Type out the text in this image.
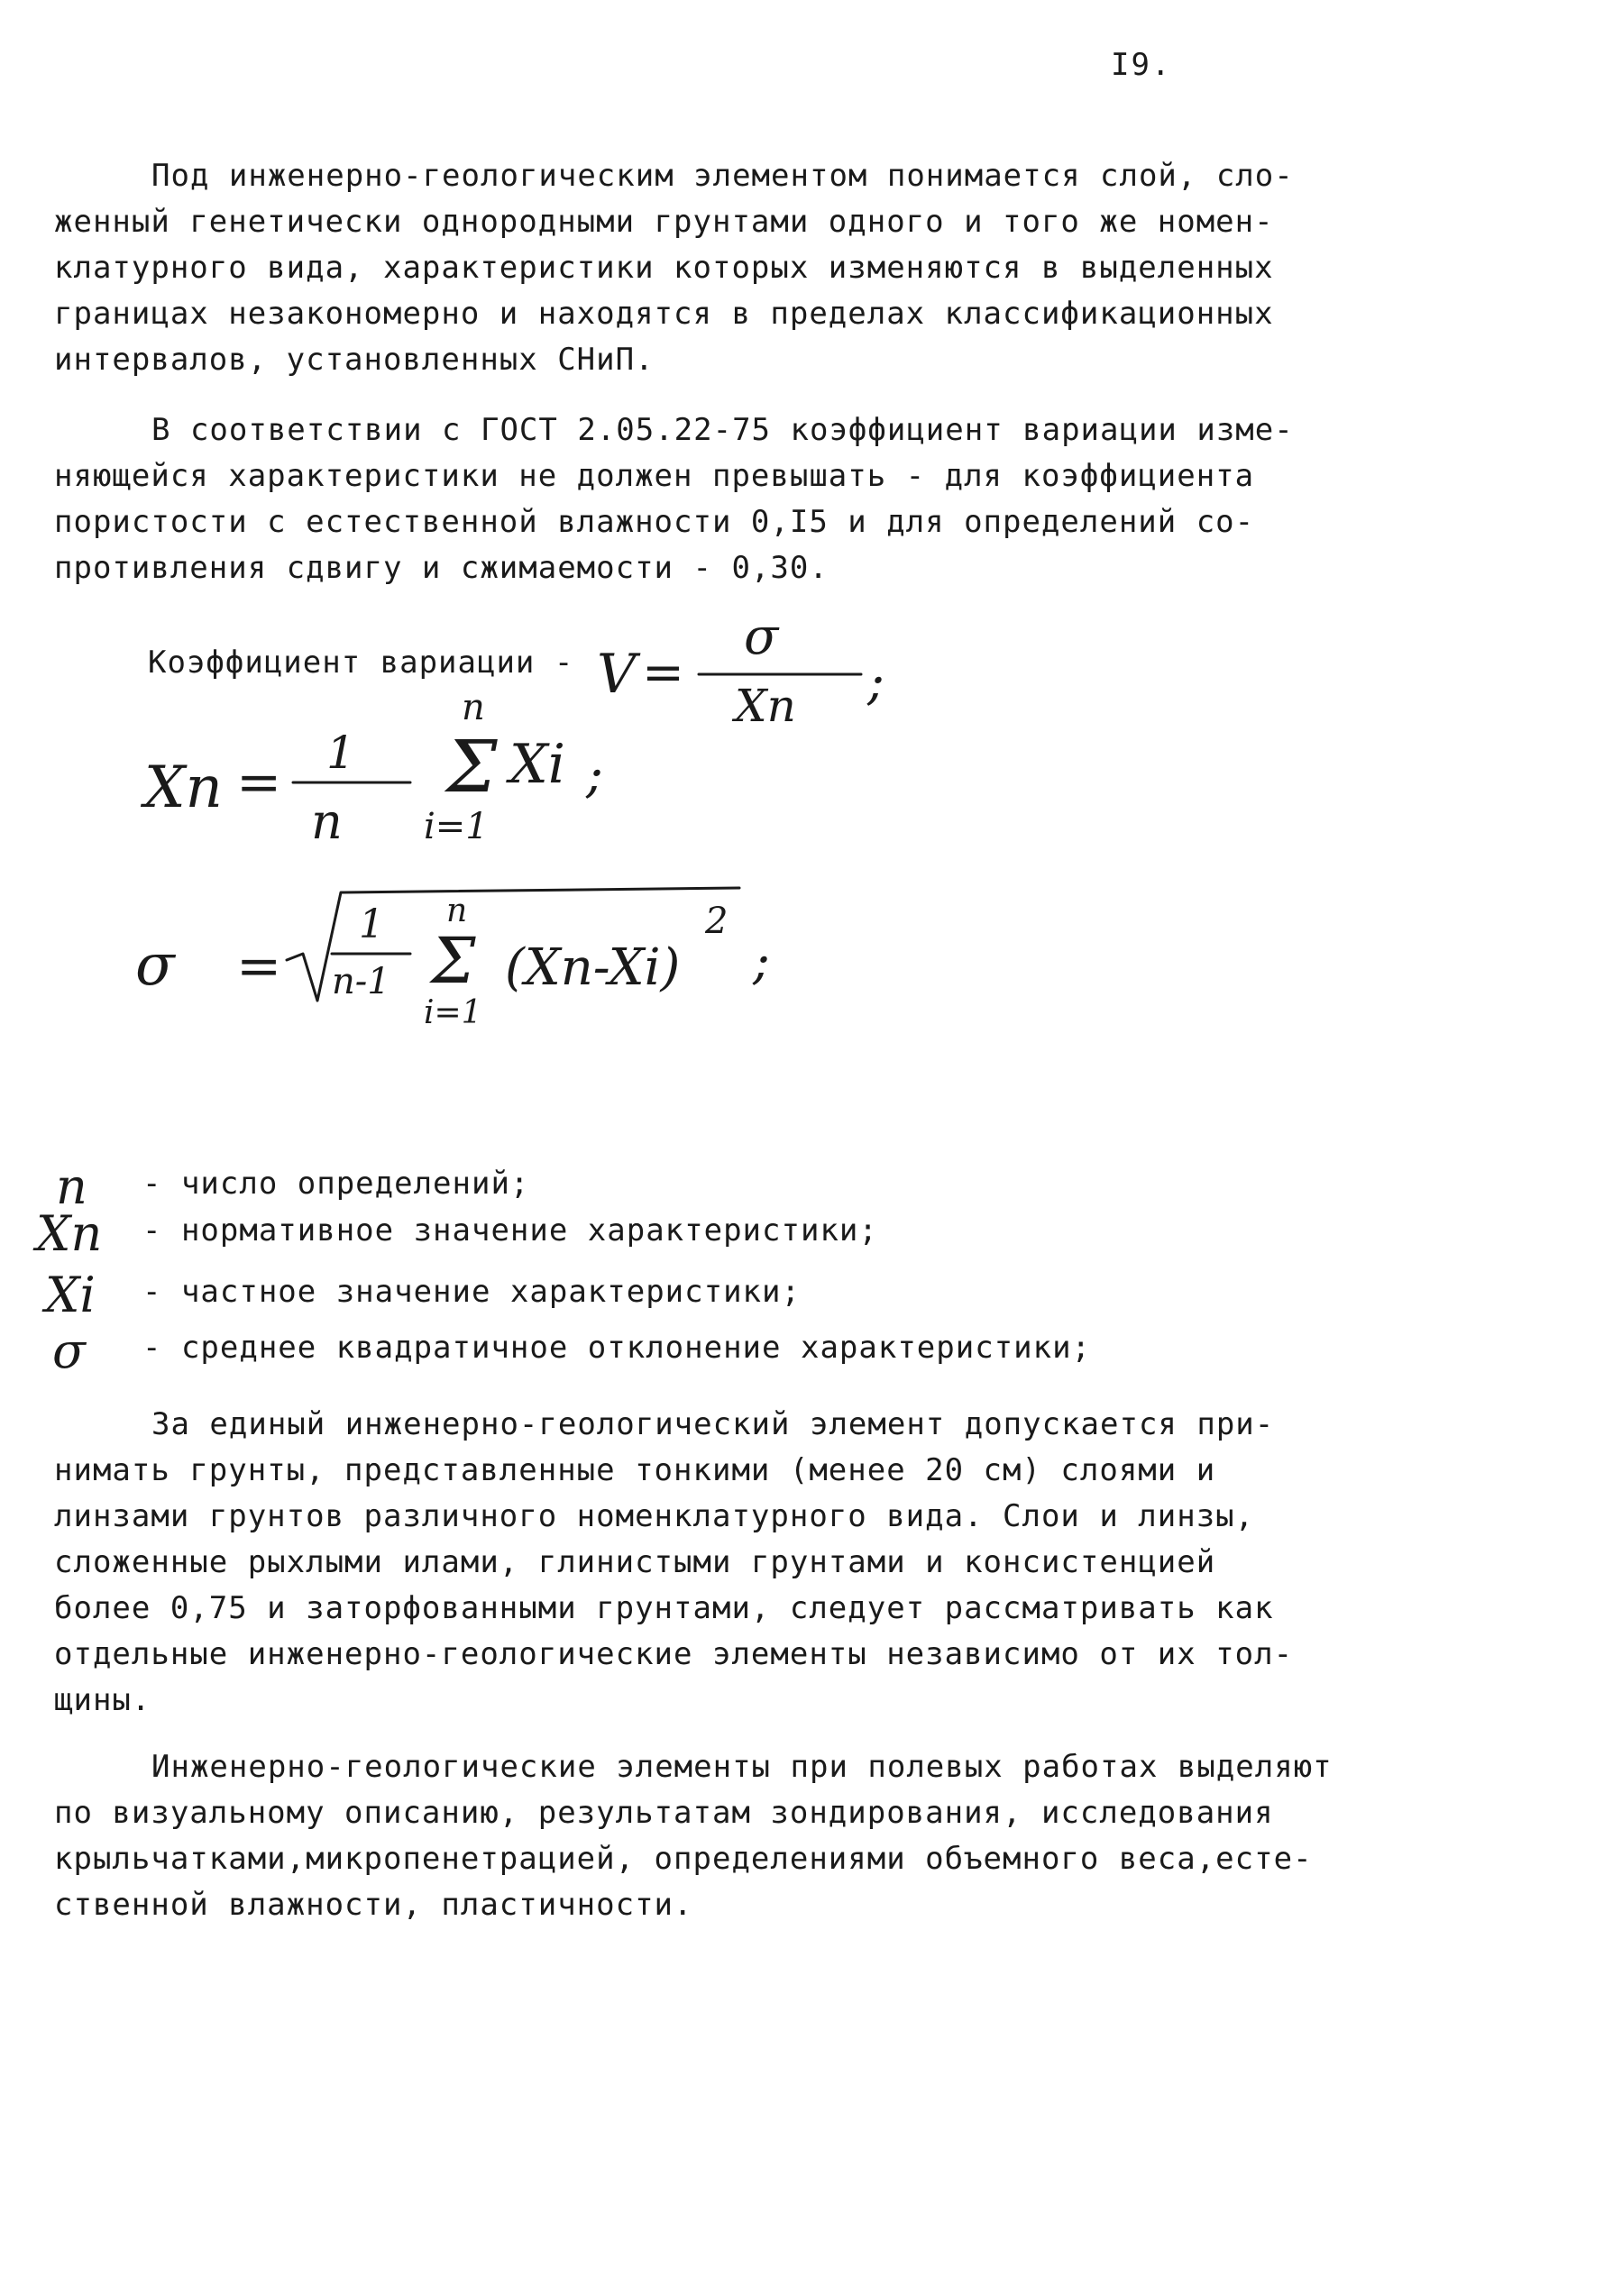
I9.
Под инженерно-геологическим элементом понимается слой, сло-
женный генетически однородными грунтами одного и того же номен-
клатурного вида, характеристики которых изменяются в выделенных
границах незакономерно и находятся в пределах классификационных
интервалов, установленных СНиП.
В соответствии с ГОСТ 2.05.22-75 коэффициент вариации изме-
няющейся характеристики не должен превышать - для коэффициента
пористости с естественной влажности 0,I5 и для определений со-
противления сдвигу и сжимаемости - 0,30.
Коэффициент вариации - V =
σ
Xn ;
Xn = 1
n
n
Σ
i=1
Xi ;
σ =
1
n-1
n
Σ
i=1
(Xn-Xi)
2
;
n	- число определений;
Xn	- нормативное значение характеристики;
Xi	- частное значение характеристики;
σ	- среднее квадратичное отклонение характеристики;
За единый инженерно-геологический элемент допускается при-
нимать грунты, представленные тонкими (менее 20 см) слоями и
линзами грунтов различного номенклатурного вида. Слои и линзы,
сложенные рыхлыми илами, глинистыми грунтами и консистенцией
более 0,75 и заторфованными грунтами, следует рассматривать как
отдельные инженерно-геологические элементы независимо от их тол-
щины.
Инженерно-геологические элементы при полевых работах выделяют
по визуальному описанию, результатам зондирования, исследования
крыльчатками,микропенетрацией, определениями объемного веса,есте-
ственной влажности, пластичности.
